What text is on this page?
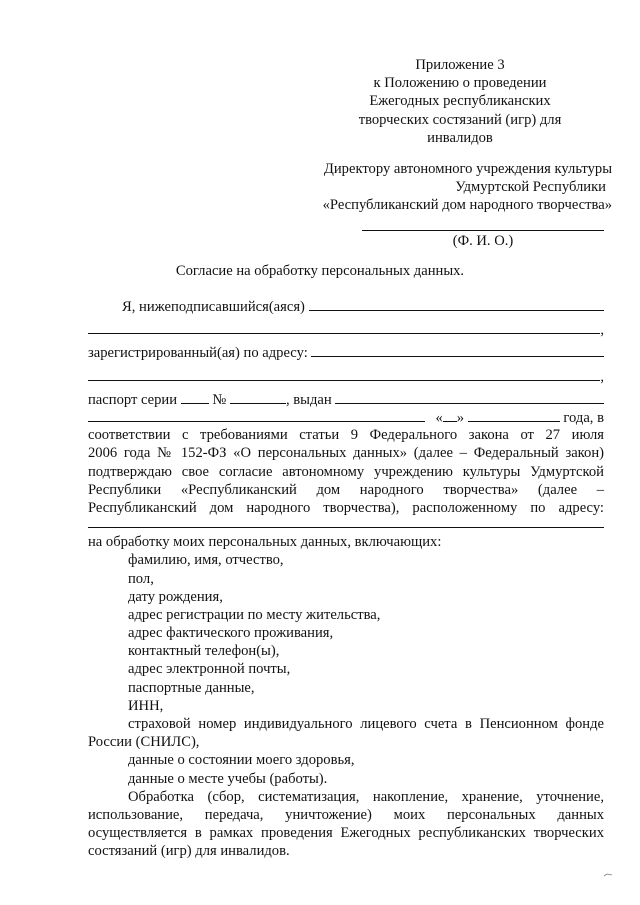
Приложение 3
к Положению о проведении
Ежегодных республиканских
творческих состязаний (игр) для
инвалидов
Директору автономного учреждения культуры
Удмуртской Республики
«Республиканский дом народного творчества»
(Ф. И. О.)
Согласие на обработку персональных данных.
Я, нижеподписавшийся(аяся)

,
зарегистрированный(ая) по адресу:

,
паспорт серии

№
	, выдан

« »

	года, в
соответствии с требованиями статьи 9 Федерального закона от 27 июля
2006 года № 152-ФЗ «О персональных данных» (далее – Федеральный закон)
подтверждаю свое согласие автономному учреждению культуры Удмуртской
Республики «Республиканский дом народного творчества» (далее –
Республиканский дом народного творчества), расположенному по адресу:
на обработку моих персональных данных, включающих:
фамилию, имя, отчество,
пол,
дату рождения,
адрес регистрации по месту жительства,
адрес фактического проживания,
контактный телефон(ы),
адрес электронной почты,
паспортные данные,
ИНН,
страховой номер индивидуального лицевого счета в Пенсионном фонде
России (СНИЛС),
данные о состоянии моего здоровья,
данные о месте учебы (работы).
Обработка (сбор, систематизация, накопление, хранение, уточнение,
использование, передача, уничтожение) моих персональных данных
осуществляется в рамках проведения Ежегодных республиканских творческих
состязаний (игр) для инвалидов.
